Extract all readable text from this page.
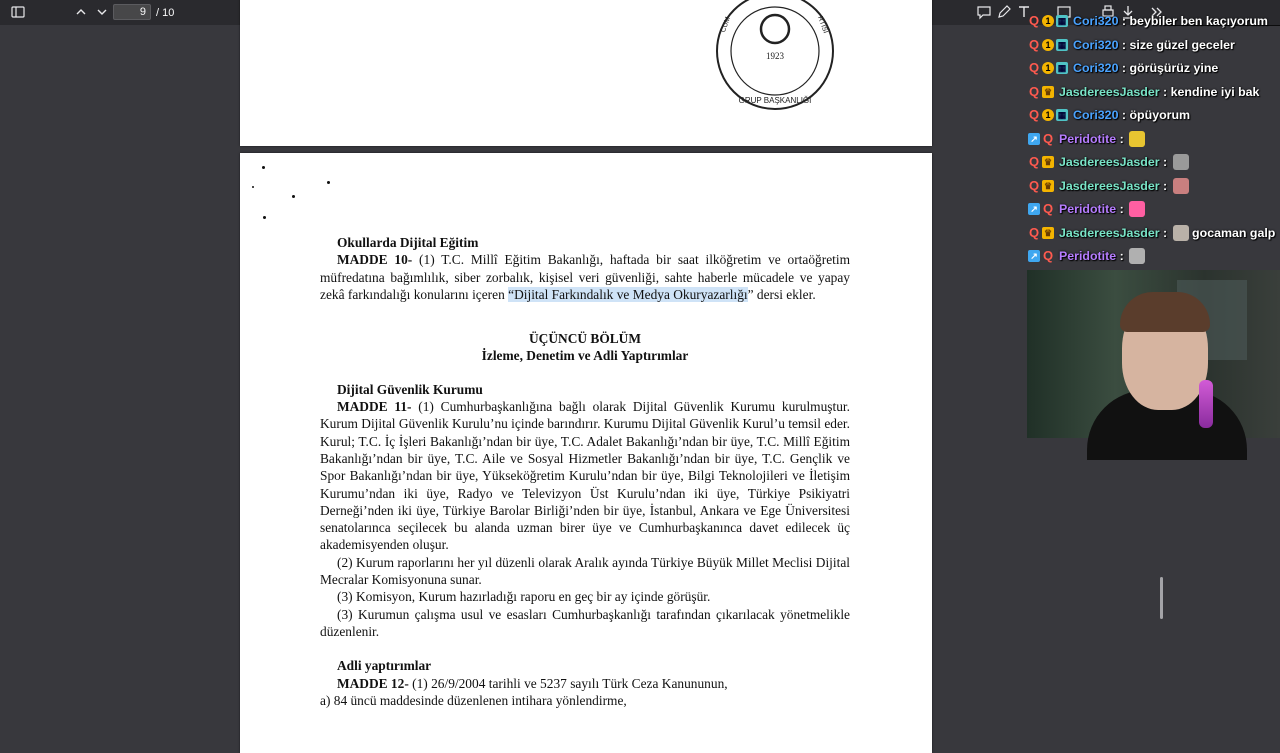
9 / 10
1923
GRUP BAŞKANLIĞI
CUM	RTİSİ

Okullarda Dijital Eğitim

MADDE 10- (1) T.C. Millî Eğitim Bakanlığı, haftada bir saat ilköğretim ve ortaöğretim müfredatına bağımlılık, siber zorbalık, kişisel veri güvenliği, sahte haberle mücadele ve yapay zekâ farkındalığı konularını içeren “Dijital Farkındalık ve Medya Okuryazarlığı” dersi ekler.

ÜÇÜNCÜ BÖLÜM

İzleme, Denetim ve Adli Yaptırımlar

Dijital Güvenlik Kurumu

MADDE 11- (1) Cumhurbaşkanlığına bağlı olarak Dijital Güvenlik Kurumu kurulmuştur. Kurum Dijital Güvenlik Kurulu’nu içinde barındırır. Kurumu Dijital Güvenlik Kurul’u temsil eder. Kurul; T.C. İç İşleri Bakanlığı’ndan bir üye, T.C. Adalet Bakanlığı’ndan bir üye, T.C. Millî Eğitim Bakanlığı’ndan bir üye, T.C. Aile ve Sosyal Hizmetler Bakanlığı’ndan bir üye, T.C. Gençlik ve Spor Bakanlığı’ndan bir üye, Yükseköğretim Kurulu’ndan bir üye, Bilgi Teknolojileri ve İletişim Kurumu’ndan iki üye, Radyo ve Televizyon Üst Kurulu’ndan iki üye, Türkiye Psikiyatri Derneği’nden iki üye, Türkiye Barolar Birliği’nden bir üye, İstanbul, Ankara ve Ege Üniversitesi senatolarınca seçilecek bu alanda uzman birer üye ve Cumhurbaşkanınca davet edilecek üç akademisyenden oluşur.

(2) Kurum raporlarını her yıl düzenli olarak Aralık ayında Türkiye Büyük Millet Meclisi Dijital Mecralar Komisyonuna sunar.

(3) Komisyon, Kurum hazırladığı raporu en geç bir ay içinde görüşür.

(3) Kurumun çalışma usul ve esasları Cumhurbaşkanlığı tarafından çıkarılacak yönetmelikle düzenlenir.

Adli yaptırımlar

MADDE 12- (1) 26/9/2004 tarihli ve 5237 sayılı Türk Ceza Kanununun,

a) 84 üncü maddesinde düzenlenen intihara yönlendirme,

Q 1 ▦ Cori320 : beybiler ben kaçıyorum
Q 1 ▦ Cori320 : size güzel geceler
Q 1 ▦ Cori320 : görüşürüz yine
Q ♛ JasdereesJasder : kendine iyi bak
Q 1 ▦ Cori320 : öpüyorum
↗ Q Peridotite :
Q ♛ JasdereesJasder :
Q ♛ JasdereesJasder :
↗ Q Peridotite :
Q ♛ JasdereesJasder : gocaman galp
↗ Q Peridotite :
